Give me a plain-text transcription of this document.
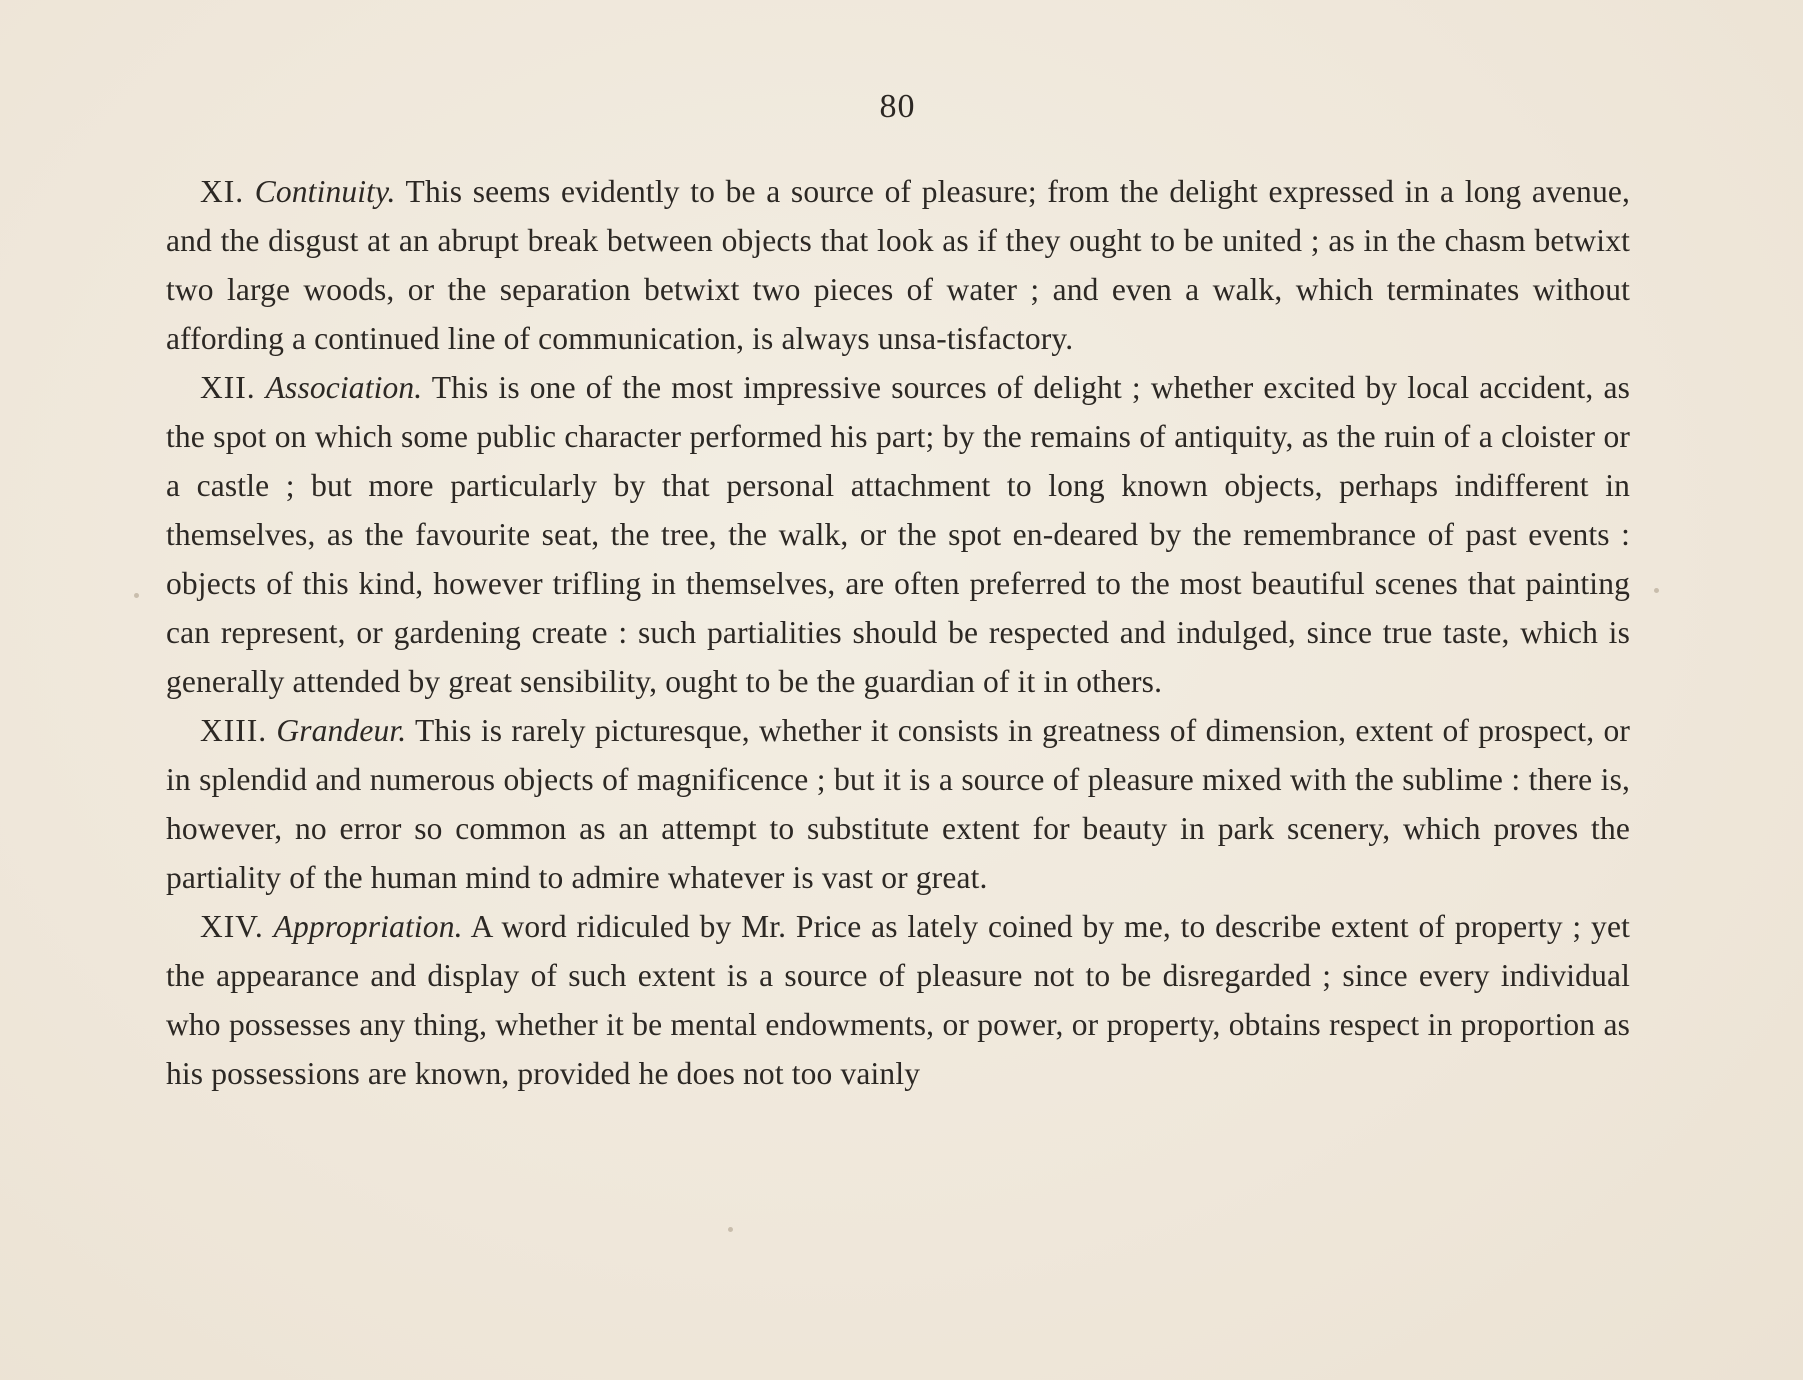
80

XI. Continuity. This seems evidently to be a source of pleasure; from the delight expressed in a long avenue, and the disgust at an abrupt break between objects that look as if they ought to be united ; as in the chasm betwixt two large woods, or the separation betwixt two pieces of water ; and even a walk, which terminates without affording a continued line of communication, is always unsa-tisfactory.

XII. Association. This is one of the most impressive sources of delight ; whether excited by local accident, as the spot on which some public character performed his part; by the remains of antiquity, as the ruin of a cloister or a castle ; but more particularly by that personal attachment to long known objects, perhaps indifferent in themselves, as the favourite seat, the tree, the walk, or the spot en-deared by the remembrance of past events : objects of this kind, however trifling in themselves, are often preferred to the most beautiful scenes that painting can represent, or gardening create : such partialities should be respected and indulged, since true taste, which is generally attended by great sensibility, ought to be the guardian of it in others.

XIII. Grandeur. This is rarely picturesque, whether it consists in greatness of dimension, extent of prospect, or in splendid and numerous objects of magnificence ; but it is a source of pleasure mixed with the sublime : there is, however, no error so common as an attempt to substitute extent for beauty in park scenery, which proves the partiality of the human mind to admire whatever is vast or great.

XIV. Appropriation. A word ridiculed by Mr. Price as lately coined by me, to describe extent of property ; yet the appearance and display of such extent is a source of pleasure not to be disregarded ; since every individual who possesses any thing, whether it be mental endowments, or power, or property, obtains respect in proportion as his possessions are known, provided he does not too vainly
